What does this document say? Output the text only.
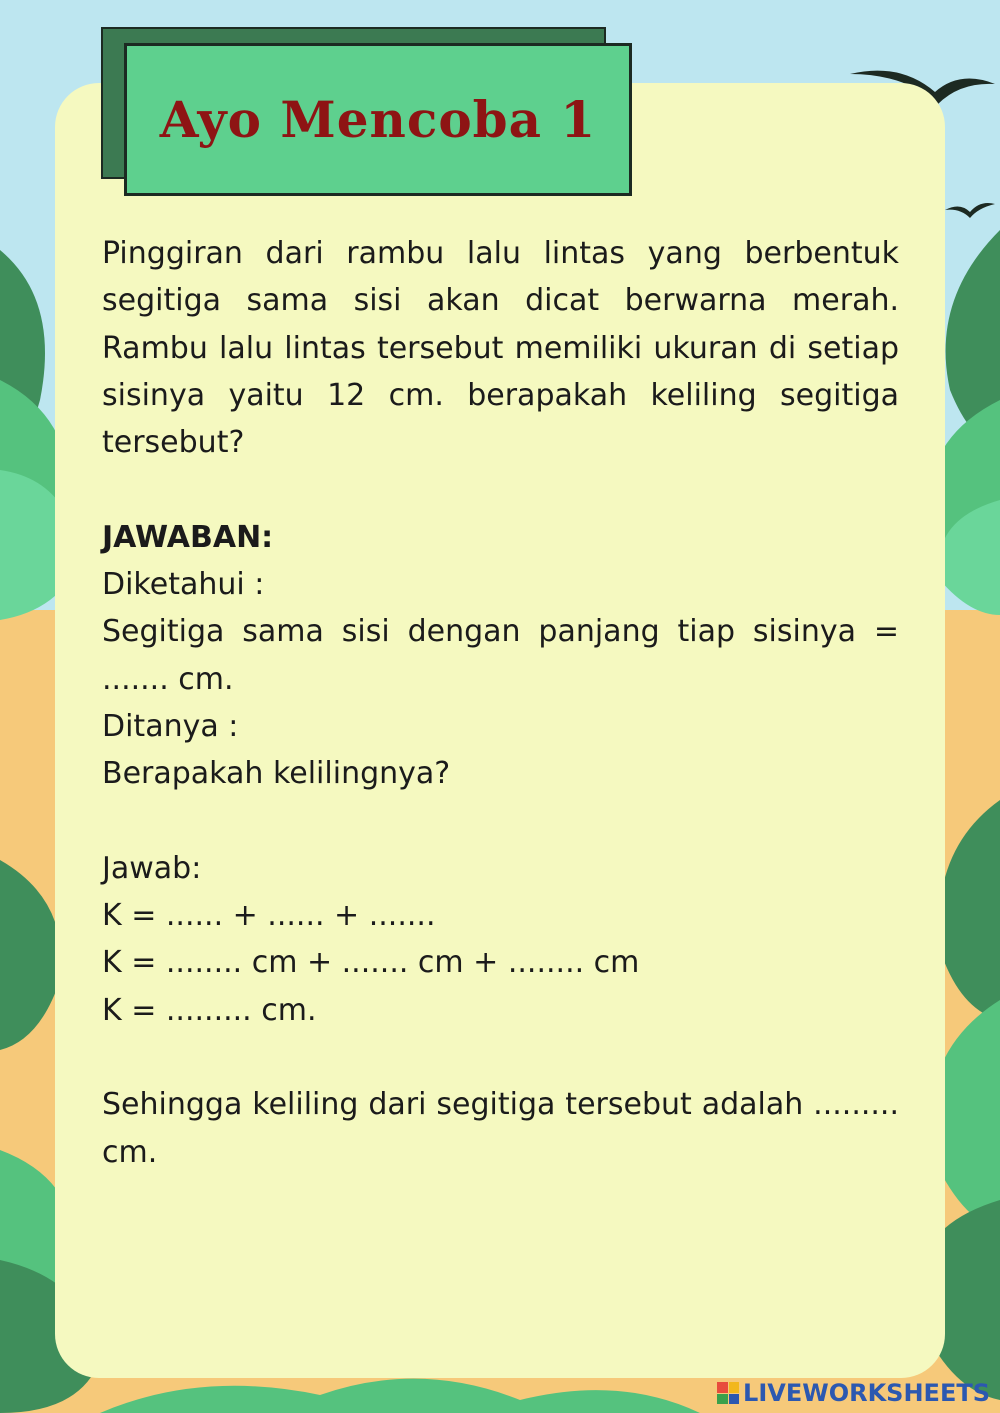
Ayo Mencoba 1

Pinggiran dari rambu lalu lintas yang berbentuk segitiga sama sisi akan dicat berwarna merah. Rambu lalu lintas tersebut memiliki ukuran di setiap sisinya yaitu 12 cm. berapakah keliling segitiga tersebut?

JAWABAN:

Diketahui :

Segitiga sama sisi dengan panjang tiap sisinya = ....... cm.

Ditanya :

Berapakah kelilingnya?

Jawab:

K = ...... + ...... + .......

K = ........ cm + ....... cm + ........ cm

K = ......... cm.

Sehingga keliling dari segitiga tersebut adalah ......... cm.

LIVEWORKSHEETS
